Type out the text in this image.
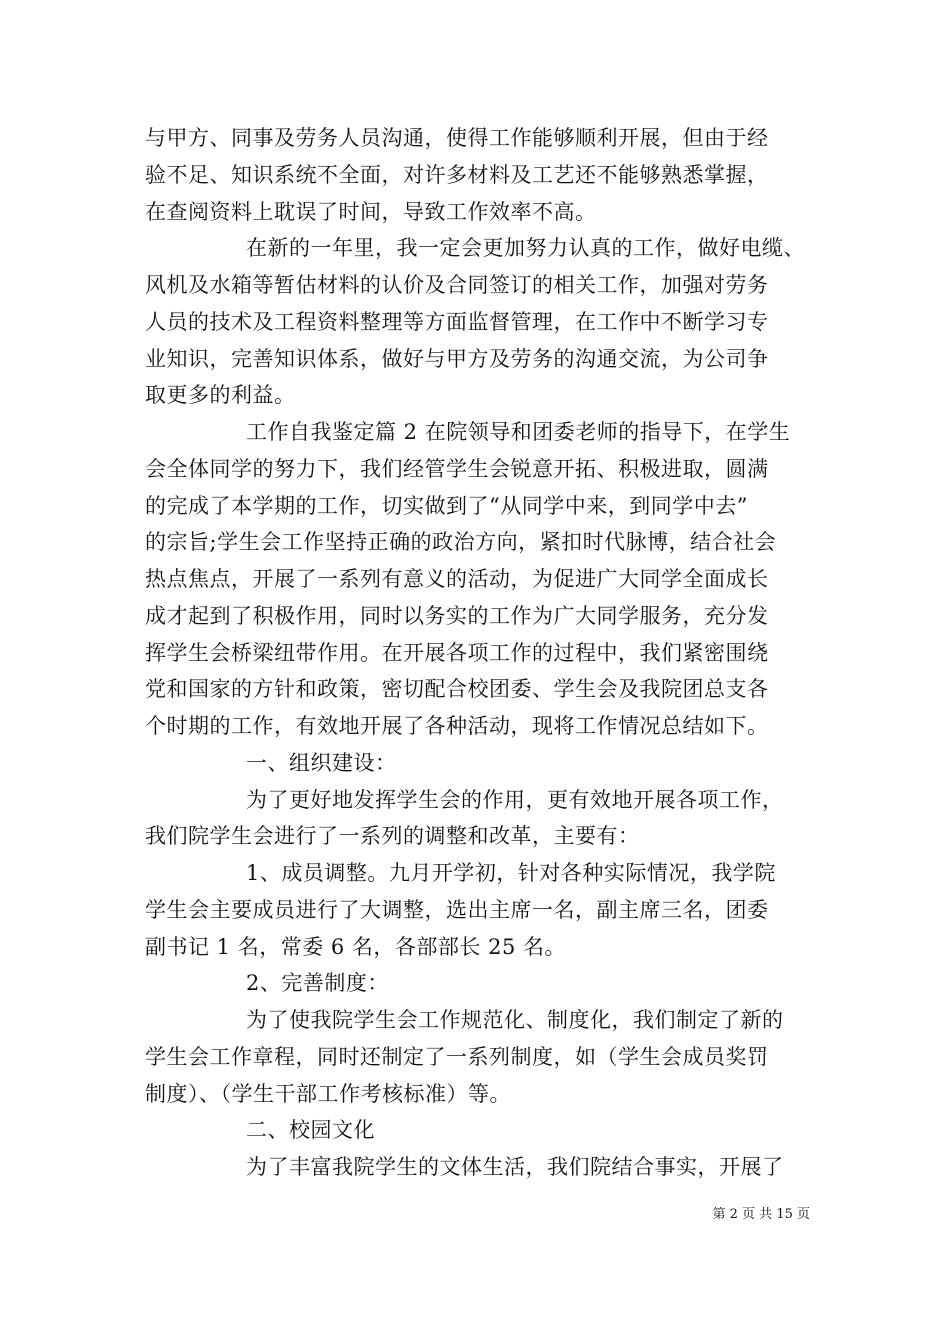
与甲方、同事及劳务人员沟通，使得工作能够顺利开展，但由于经
验不足、知识系统不全面，对许多材料及工艺还不能够熟悉掌握，
在查阅资料上耽误了时间，导致工作效率不高。
在新的一年里，我一定会更加努力认真的工作，做好电缆、
风机及水箱等暂估材料的认价及合同签订的相关工作，加强对劳务
人员的技术及工程资料整理等方面监督管理，在工作中不断学习专
业知识，完善知识体系，做好与甲方及劳务的沟通交流，为公司争
取更多的利益。
工作自我鉴定篇 2 在院领导和团委老师的指导下，在学生
会全体同学的努力下，我们经管学生会锐意开拓、积极进取，圆满
的完成了本学期的工作，切实做到了“从同学中来，到同学中去”
的宗旨;学生会工作坚持正确的政治方向，紧扣时代脉博，结合社会
热点焦点，开展了一系列有意义的活动，为促进广大同学全面成长
成才起到了积极作用，同时以务实的工作为广大同学服务，充分发
挥学生会桥梁纽带作用。在开展各项工作的过程中，我们紧密围绕
党和国家的方针和政策，密切配合校团委、学生会及我院团总支各
个时期的工作，有效地开展了各种活动，现将工作情况总结如下。
一、组织建设：
为了更好地发挥学生会的作用，更有效地开展各项工作，
我们院学生会进行了一系列的调整和改革，主要有：
1、成员调整。九月开学初，针对各种实际情况，我学院
学生会主要成员进行了大调整，选出主席一名，副主席三名，团委
副书记 1 名，常委 6 名，各部部长 25 名。
2、完善制度：
为了使我院学生会工作规范化、制度化，我们制定了新的
学生会工作章程，同时还制定了一系列制度，如（学生会成员奖罚
制度）、（学生干部工作考核标准）等。
二、校园文化
为了丰富我院学生的文体生活，我们院结合事实，开展了
第 2 页 共 15 页
